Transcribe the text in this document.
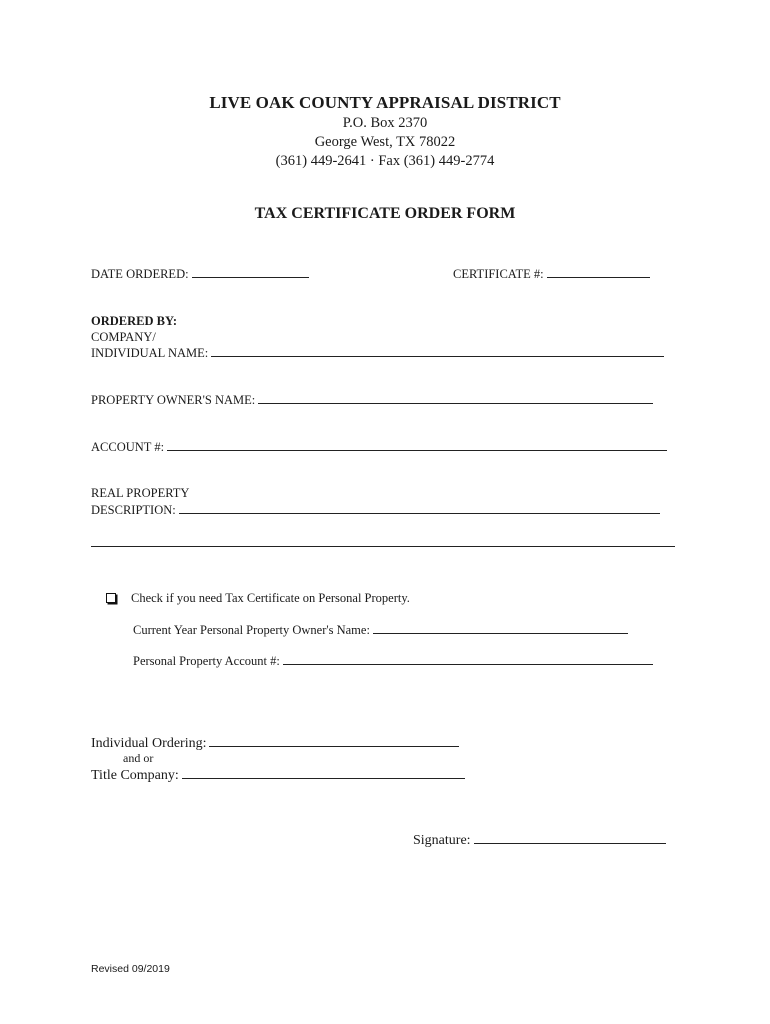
LIVE OAK COUNTY APPRAISAL DISTRICT
P.O. Box 2370
George West, TX 78022
(361) 449-2641 · Fax (361) 449-2774
TAX CERTIFICATE ORDER FORM
DATE ORDERED:	CERTIFICATE #:
ORDERED BY:
COMPANY/
INDIVIDUAL NAME:
PROPERTY OWNER'S NAME:
ACCOUNT #:
REAL PROPERTY
DESCRIPTION:
Check if you need Tax Certificate on Personal Property.
Current Year Personal Property Owner's Name:
Personal Property Account #:
Individual Ordering:
and or
Title Company:
Signature:
Revised 09/2019
